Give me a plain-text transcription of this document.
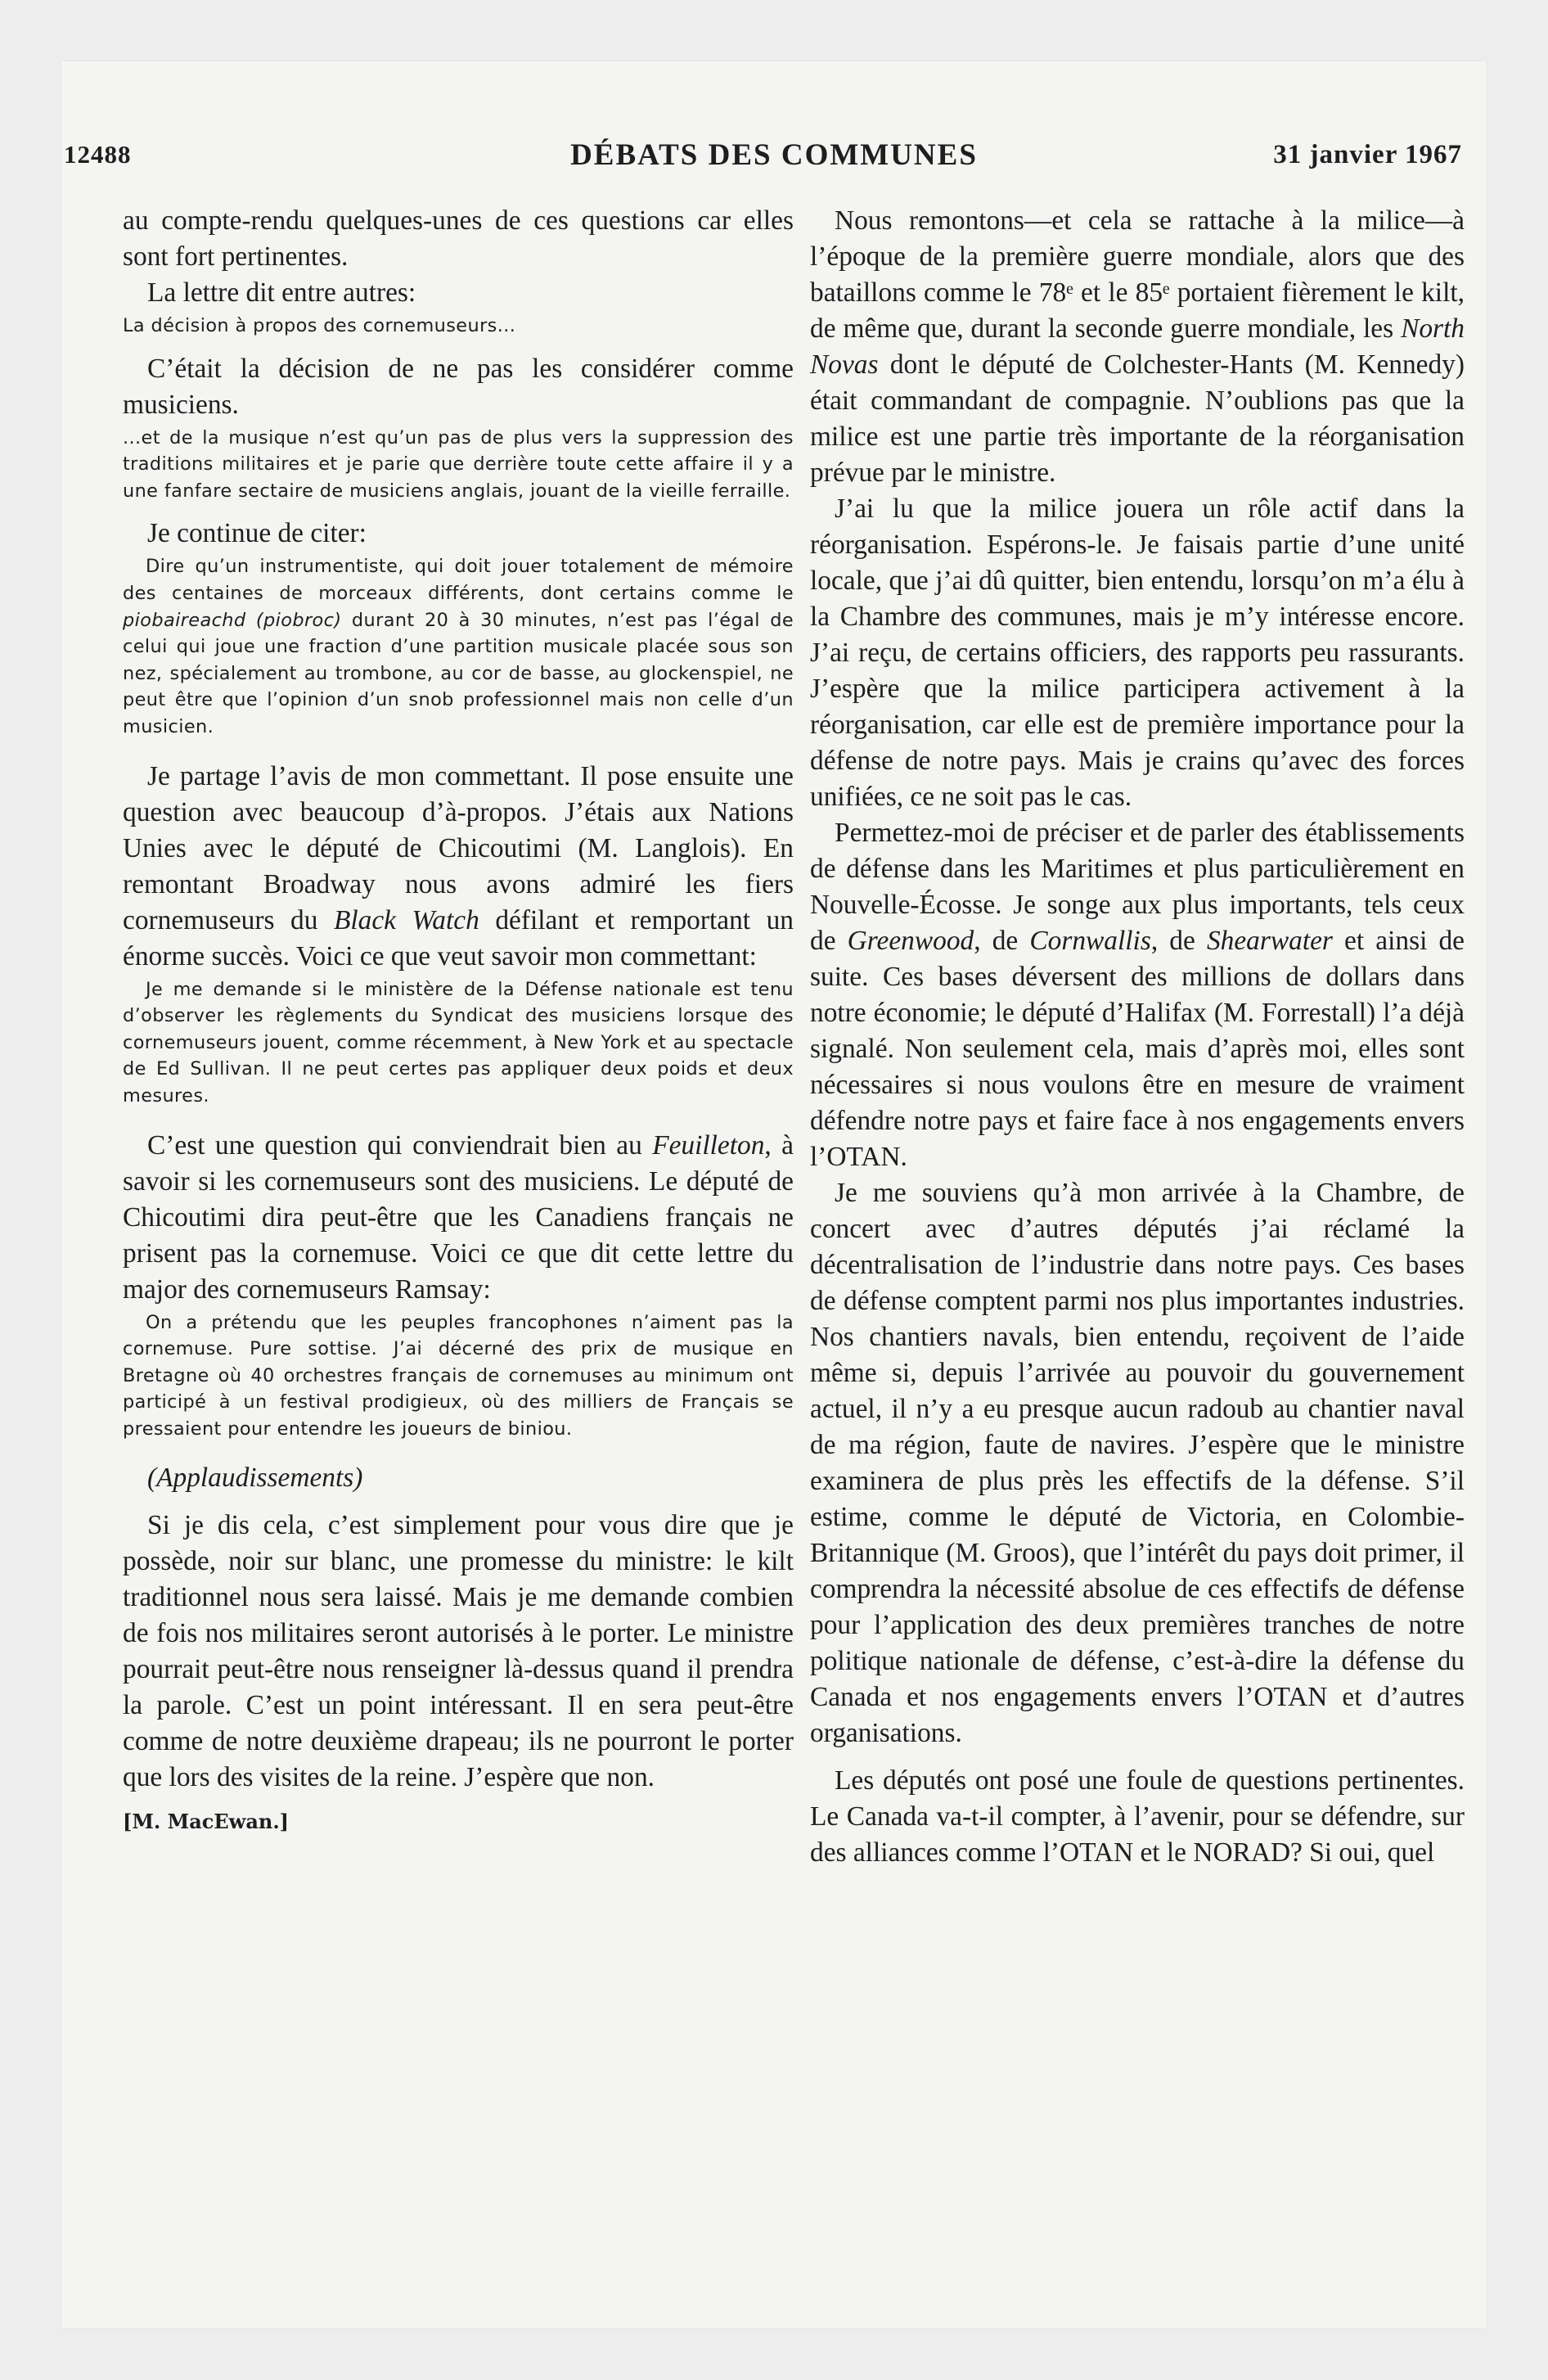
12488	DÉBATS DES COMMUNES	31 janvier 1967

au compte-rendu quelques-unes de ces questions car elles sont fort pertinentes.

La lettre dit entre autres:

La décision à propos des cornemuseurs...

C’était la décision de ne pas les considérer comme musiciens.

...et de la musique n’est qu’un pas de plus vers la suppression des traditions militaires et je parie que derrière toute cette affaire il y a une fanfare sectaire de musiciens anglais, jouant de la vieille ferraille.

Je continue de citer:

Dire qu’un instrumentiste, qui doit jouer totalement de mémoire des centaines de morceaux différents, dont certains comme le piobaireachd (piobroc) durant 20 à 30 minutes, n’est pas l’égal de celui qui joue une fraction d’une partition musicale placée sous son nez, spécialement au trombone, au cor de basse, au glockenspiel, ne peut être que l’opinion d’un snob professionnel mais non celle d’un musicien.

Je partage l’avis de mon commettant. Il pose ensuite une question avec beaucoup d’à-propos. J’étais aux Nations Unies avec le député de Chicoutimi (M. Langlois). En remontant Broadway nous avons admiré les fiers cornemuseurs du Black Watch défilant et remportant un énorme succès. Voici ce que veut savoir mon commettant:

Je me demande si le ministère de la Défense nationale est tenu d’observer les règlements du Syndicat des musiciens lorsque des cornemuseurs jouent, comme récemment, à New York et au spectacle de Ed Sullivan. Il ne peut certes pas appliquer deux poids et deux mesures.

C’est une question qui conviendrait bien au Feuilleton, à savoir si les cornemuseurs sont des musiciens. Le député de Chicoutimi dira peut-être que les Canadiens français ne prisent pas la cornemuse. Voici ce que dit cette lettre du major des cornemuseurs Ramsay:

On a prétendu que les peuples francophones n’aiment pas la cornemuse. Pure sottise. J’ai décerné des prix de musique en Bretagne où 40 orchestres français de cornemuses au minimum ont participé à un festival prodigieux, où des milliers de Français se pressaient pour entendre les joueurs de biniou.

(Applaudissements)

Si je dis cela, c’est simplement pour vous dire que je possède, noir sur blanc, une promesse du ministre: le kilt traditionnel nous sera laissé. Mais je me demande combien de fois nos militaires seront autorisés à le porter. Le ministre pourrait peut-être nous renseigner là-dessus quand il prendra la parole. C’est un point intéressant. Il en sera peut-être comme de notre deuxième drapeau; ils ne pourront le porter que lors des visites de la reine. J’espère que non.

[M. MacEwan.]

Nous remontons—et cela se rattache à la milice—à l’époque de la première guerre mondiale, alors que des bataillons comme le 78ᵉ et le 85ᵉ portaient fièrement le kilt, de même que, durant la seconde guerre mondiale, les North Novas dont le député de Colchester-Hants (M. Kennedy) était commandant de compagnie. N’oublions pas que la milice est une partie très importante de la réorganisation prévue par le ministre.

J’ai lu que la milice jouera un rôle actif dans la réorganisation. Espérons-le. Je faisais partie d’une unité locale, que j’ai dû quitter, bien entendu, lorsqu’on m’a élu à la Chambre des communes, mais je m’y intéresse encore. J’ai reçu, de certains officiers, des rapports peu rassurants. J’espère que la milice participera activement à la réorganisation, car elle est de première importance pour la défense de notre pays. Mais je crains qu’avec des forces unifiées, ce ne soit pas le cas.

Permettez-moi de préciser et de parler des établissements de défense dans les Maritimes et plus particulièrement en Nouvelle-Écosse. Je songe aux plus importants, tels ceux de Greenwood, de Cornwallis, de Shearwater et ainsi de suite. Ces bases déversent des millions de dollars dans notre économie; le député d’Halifax (M. Forrestall) l’a déjà signalé. Non seulement cela, mais d’après moi, elles sont nécessaires si nous voulons être en mesure de vraiment défendre notre pays et faire face à nos engagements envers l’OTAN.

Je me souviens qu’à mon arrivée à la Chambre, de concert avec d’autres députés j’ai réclamé la décentralisation de l’industrie dans notre pays. Ces bases de défense comptent parmi nos plus importantes industries. Nos chantiers navals, bien entendu, reçoivent de l’aide même si, depuis l’arrivée au pouvoir du gouvernement actuel, il n’y a eu presque aucun radoub au chantier naval de ma région, faute de navires. J’espère que le ministre examinera de plus près les effectifs de la défense. S’il estime, comme le député de Victoria, en Colombie-Britannique (M. Groos), que l’intérêt du pays doit primer, il comprendra la nécessité absolue de ces effectifs de défense pour l’application des deux premières tranches de notre politique nationale de défense, c’est-à-dire la défense du Canada et nos engagements envers l’OTAN et d’autres organisations.

Les députés ont posé une foule de questions pertinentes. Le Canada va-t-il compter, à l’avenir, pour se défendre, sur des alliances comme l’OTAN et le NORAD? Si oui, quel
